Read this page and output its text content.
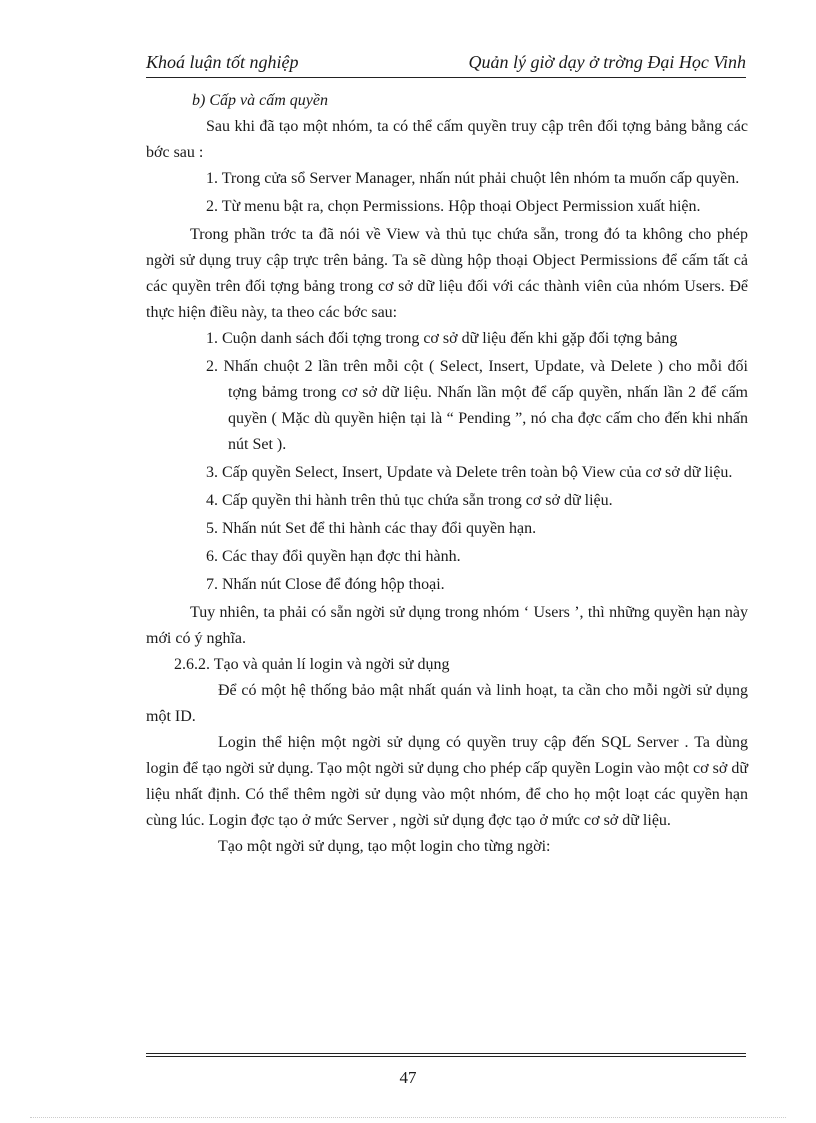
Khoá luận tốt nghiệp	Quản lý giờ dạy ở trờng Đại Học Vinh

b) Cấp và cấm quyền

Sau khi đã tạo một nhóm, ta có thể cấm quyền truy cập trên đối tợng bảng bằng các bớc sau :

1. Trong cửa sổ Server Manager, nhấn nút phải chuột lên nhóm ta muốn cấp quyền.
2. Từ menu bật ra, chọn Permissions. Hộp thoại Object Permission xuất hiện.

Trong phần trớc ta đã nói về View và thủ tục chứa sẵn, trong đó ta không cho phép ngời sử dụng truy cập trực trên bảng. Ta sẽ dùng hộp thoại Object Permissions để cấm tất cả các quyền trên đối tợng bảng trong cơ sở dữ liệu đối với các thành viên của nhóm Users. Để thực hiện điều này, ta theo các bớc sau:

1. Cuộn danh sách đối tợng trong cơ sở dữ liệu đến khi gặp đối tợng bảng
2. Nhấn chuột 2 lần trên mỗi cột ( Select, Insert, Update, và Delete ) cho mỗi đối tợng bảmg trong cơ sở dữ liệu. Nhấn lần một để cấp quyền, nhấn lần 2 để cấm quyền ( Mặc dù quyền hiện tại là “ Pending ”, nó cha đợc cấm cho đến khi nhấn nút Set ).
3. Cấp quyền Select, Insert, Update và Delete trên toàn bộ View của cơ sở dữ liệu.
4. Cấp quyền thi hành trên thủ tục chứa sẵn trong cơ sở dữ liệu.
5. Nhấn nút Set để thi hành các thay đổi quyền hạn.
6. Các thay đổi quyền hạn đợc thi hành.
7. Nhấn nút Close để đóng hộp thoại.

Tuy nhiên, ta phải có sẵn ngời sử dụng trong nhóm ‘ Users ’, thì những quyền hạn này mới có ý nghĩa.

2.6.2. Tạo và quản lí login và ngời sử dụng

Để có một hệ thống bảo mật nhất quán và linh hoạt, ta cần cho mỗi ngời sử dụng một ID.

Login thể hiện một ngời sử dụng có quyền truy cập đến SQL Server . Ta dùng login để tạo ngời sử dụng. Tạo một ngời sử dụng cho phép cấp quyền Login vào một cơ sở dữ liệu nhất định. Có thể thêm ngời sử dụng vào một nhóm, để cho họ một loạt các quyền hạn cùng lúc. Login đợc tạo ở mức Server , ngời sử dụng đợc tạo ở mức cơ sở dữ liệu.

Tạo một ngời sử dụng, tạo một login cho từng ngời:

47
